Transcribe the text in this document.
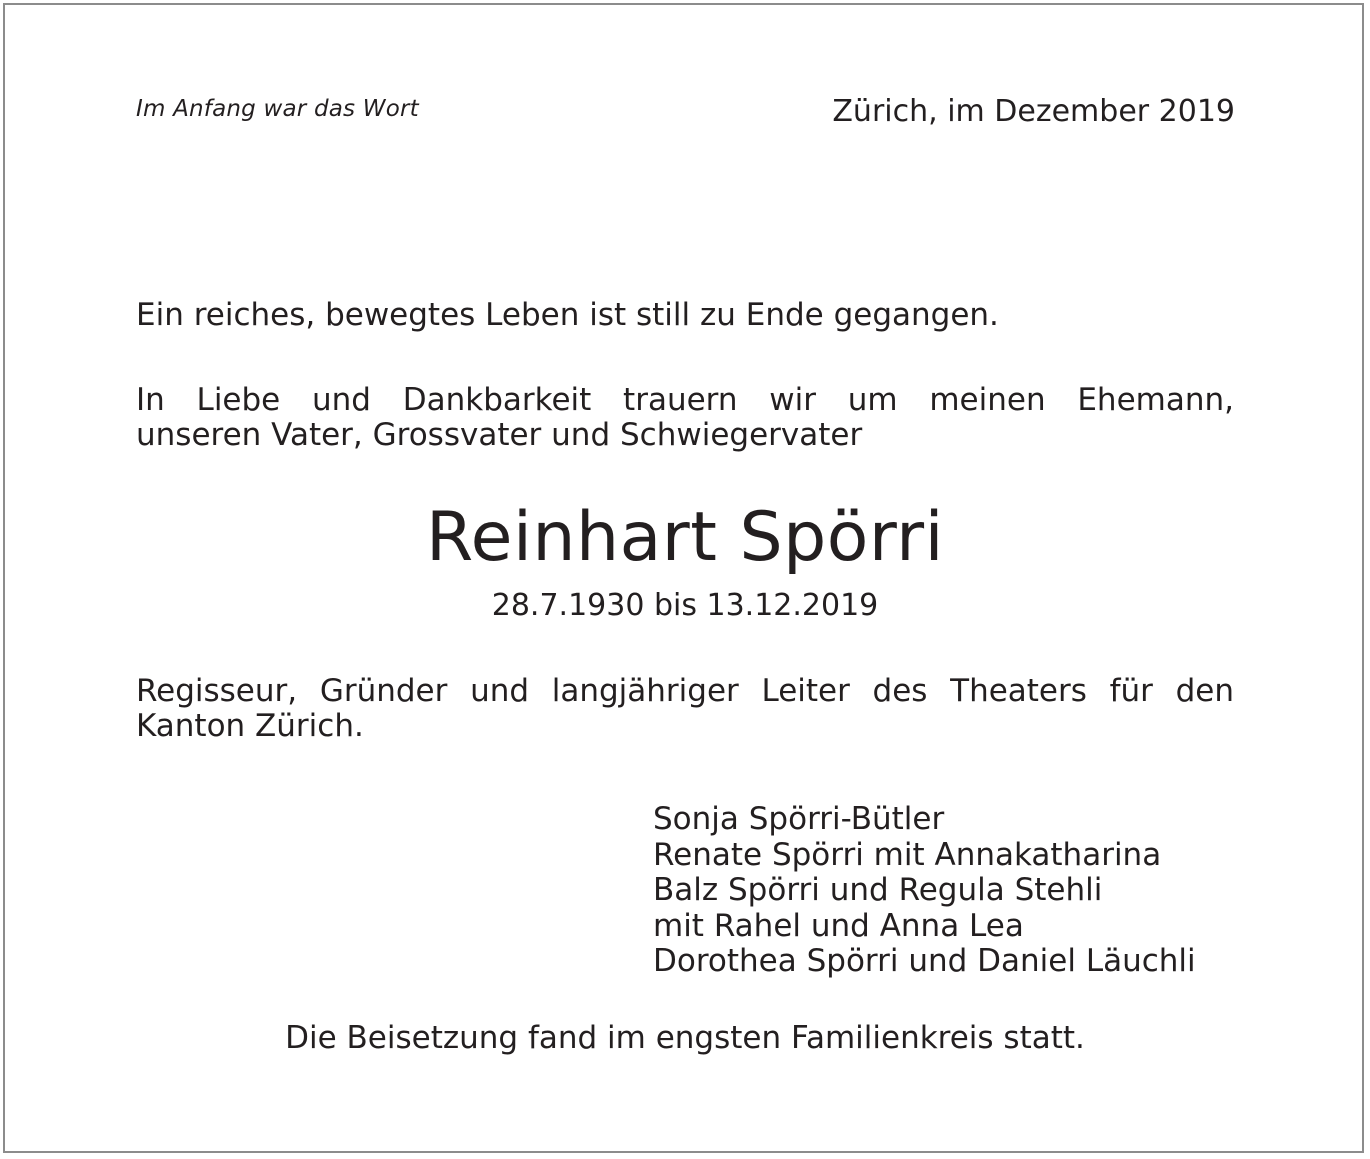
Im Anfang war das Wort	Zürich, im Dezember 2019
Ein reiches, bewegtes Leben ist still zu Ende gegangen.
In Liebe und Dankbarkeit trauern wir um meinen Ehemann,
unseren Vater, Grossvater und Schwiegervater
Reinhart Spörri
28.7.1930 bis 13.12.2019
Regisseur, Gründer und langjähriger Leiter des Theaters für den
Kanton Zürich.
Sonja Spörri-Bütler
Renate Spörri mit Annakatharina
Balz Spörri und Regula Stehli
mit Rahel und Anna Lea
Dorothea Spörri und Daniel Läuchli
Die Beisetzung fand im engsten Familienkreis statt.
